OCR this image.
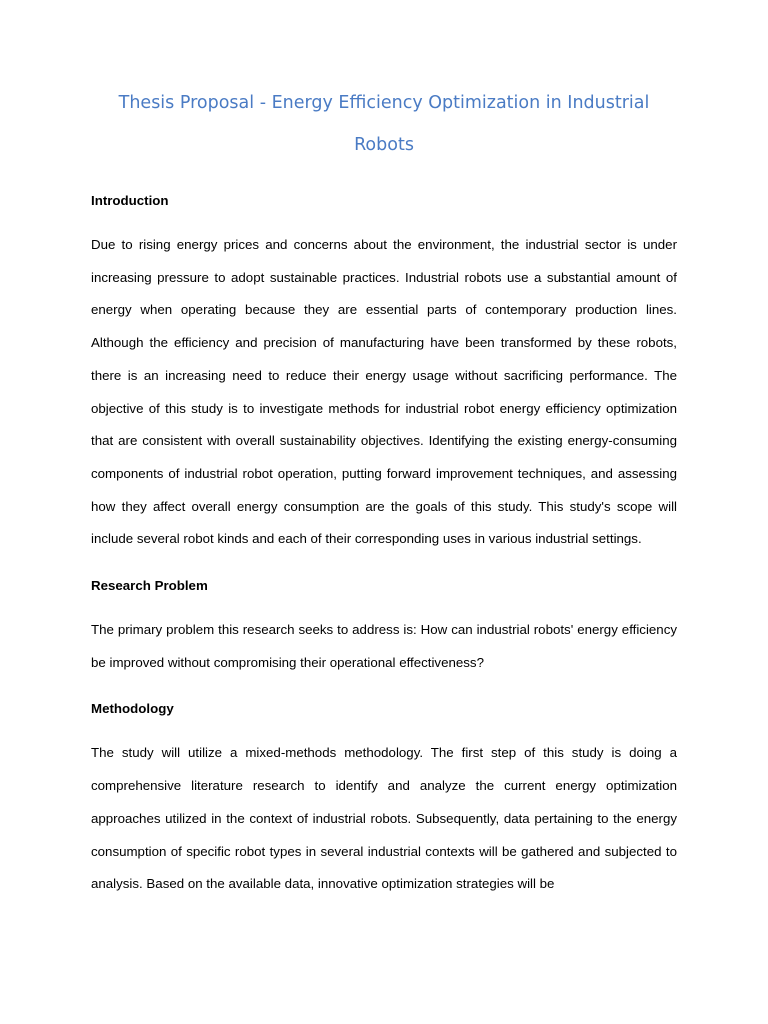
Thesis Proposal - Energy Efficiency Optimization in Industrial Robots
Introduction

Due to rising energy prices and concerns about the environment, the industrial sector is under increasing pressure to adopt sustainable practices. Industrial robots use a substantial amount of energy when operating because they are essential parts of contemporary production lines. Although the efficiency and precision of manufacturing have been transformed by these robots, there is an increasing need to reduce their energy usage without sacrificing performance. The objective of this study is to investigate methods for industrial robot energy efficiency optimization that are consistent with overall sustainability objectives. Identifying the existing energy-consuming components of industrial robot operation, putting forward improvement techniques, and assessing how they affect overall energy consumption are the goals of this study. This study's scope will include several robot kinds and each of their corresponding uses in various industrial settings.

Research Problem

The primary problem this research seeks to address is: How can industrial robots' energy efficiency be improved without compromising their operational effectiveness?

Methodology

The study will utilize a mixed-methods methodology. The first step of this study is doing a comprehensive literature research to identify and analyze the current energy optimization approaches utilized in the context of industrial robots. Subsequently, data pertaining to the energy consumption of specific robot types in several industrial contexts will be gathered and subjected to analysis. Based on the available data, innovative optimization strategies will be
